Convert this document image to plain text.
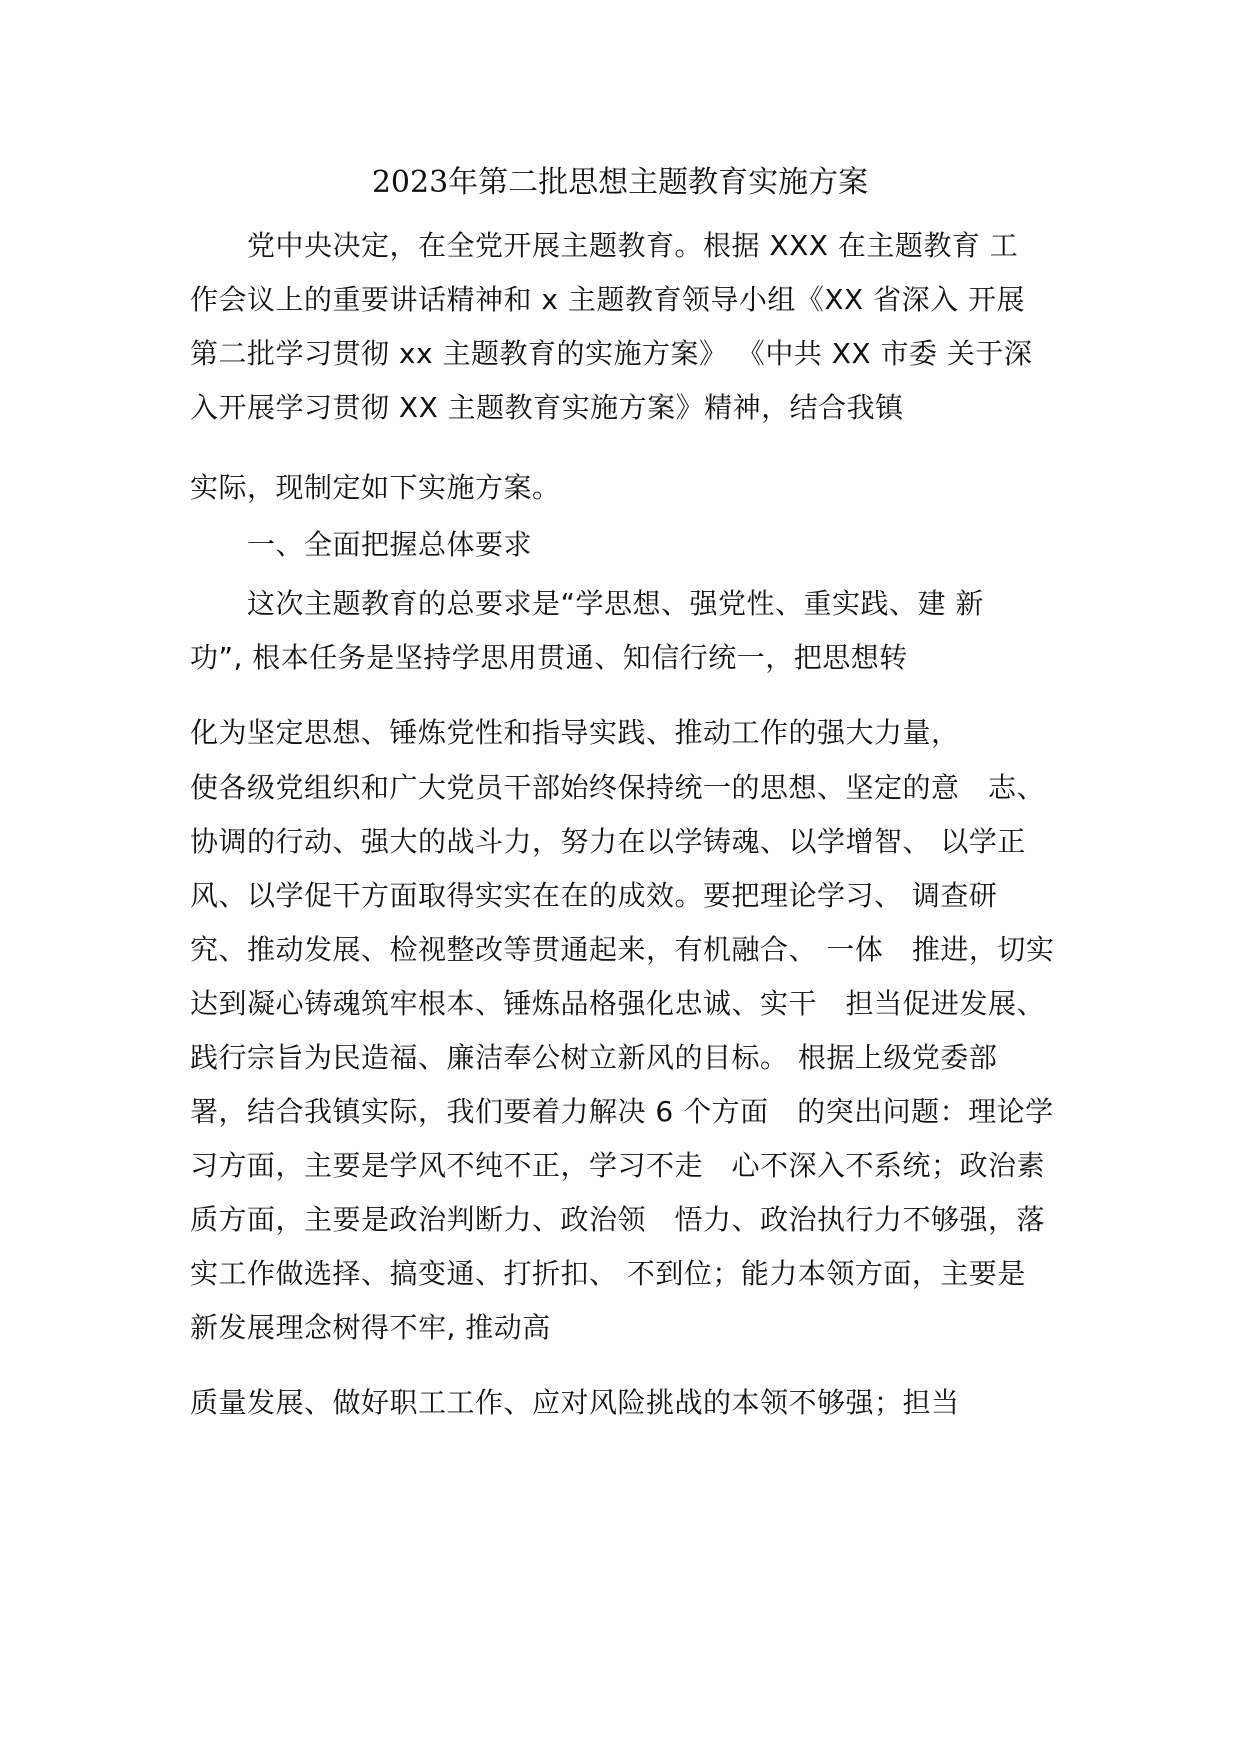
2023年第二批思想主题教育实施方案
　　党中央决定，在全党开展主题教育。根据 XXX 在主题教育 工
作会议上的重要讲话精神和 x 主题教育领导小组《XX 省深入 开展
第二批学习贯彻 xx 主题教育的实施方案》 《中共 XX 市委 关于深
入开展学习贯彻 XX 主题教育实施方案》精神，结合我镇
实际，现制定如下实施方案。
　　一、全面把握总体要求
　　这次主题教育的总要求是“学思想、强党性、重实践、建 新
功”, 根本任务是坚持学思用贯通、知信行统一，把思想转
化为坚定思想、锤炼党性和指导实践、推动工作的强大力量，
使各级党组织和广大党员干部始终保持统一的思想、坚定的意　志、
协调的行动、强大的战斗力，努力在以学铸魂、以学增智、 以学正
风、以学促干方面取得实实在在的成效。要把理论学习、 调查研
究、推动发展、检视整改等贯通起来，有机融合、 一体　推进，切实
达到凝心铸魂筑牢根本、锤炼品格强化忠诚、实干　担当促进发展、
践行宗旨为民造福、廉洁奉公树立新风的目标。 根据上级党委部
署，结合我镇实际，我们要着力解决 6 个方面　的突出问题：理论学
习方面，主要是学风不纯不正，学习不走　心不深入不系统；政治素
质方面，主要是政治判断力、政治领　悟力、政治执行力不够强，落
实工作做选择、搞变通、打折扣、 不到位；能力本领方面，主要是
新发展理念树得不牢, 推动高
质量发展、做好职工工作、应对风险挑战的本领不够强；担当
